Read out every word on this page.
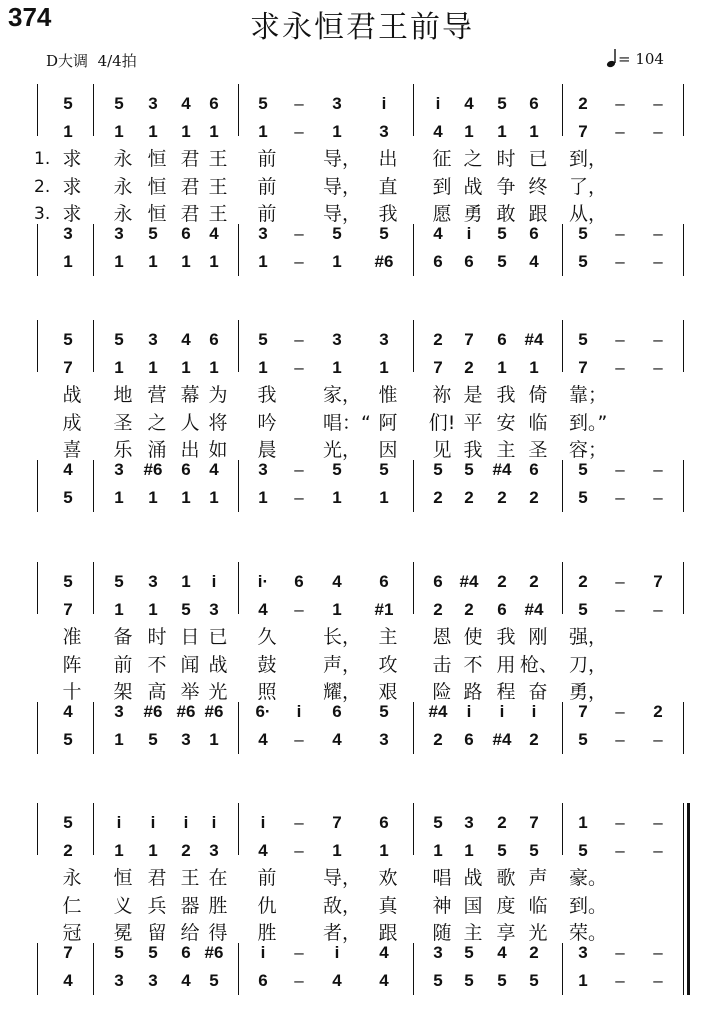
374	求永恒君王前导
D大调 4/4拍	= 104
5	5	3	4	6	5	–	3	i	i	4	5	6	2	–	–
1	1	1	1	1	1	–	1	3	4	1	1	1	7	–	–
3	3	5	6	4	3	–	5	5	4	i	5	6	5	–	–
1	1	1	1	1	1	–	1	#6	6	6	5	4	5	–	–
1. 求	永 恒 君 王	前	导， 出	征 之 时 已	到，
2. 求	永 恒 君 王	前	导， 直	到 战 争 终	了，
3. 求	永 恒 君 王	前	导， 我	愿 勇 敢 跟	从，
5	5	3	4	6	5	–	3	3	2	7	6	#4	5	–	–
7	1	1	1	1	1	–	1	1	7	2	1	1	7	–	–
4	3	#6	6	4	3	–	5	5	5	5	#4	6	5	–	–
5	1	1	1	1	1	–	1	1	2	2	2	2	5	–	–
战	地 营 幕 为	我	家， 惟	祢 是 我 倚	靠；
成	圣 之 人 将	吟	唱：“ 阿	们! 平 安 临	到。”
喜	乐 涌 出 如	晨	光， 因	见 我 主 圣	容；
5	5	3	1	i	i·	6	4	6	6 #4	2	2	2	–	7
7	1	1	5	3	4	–	1	#1	2	2	6	#4	5	–	–
4	3	#6 #6 #6	6·	i	6	5	#4	i	i	i	7	–	2
5	1	5	3	1	4	–	4	3	2	6	#4	2	5	–	–
准	备 时 日 已	久	长， 主	恩 使 我 刚	强，
阵	前 不 闻 战	鼓	声， 攻	击 不 用 枪、 刀，
十	架 高 举 光	照	耀， 艰	险 路 程 奋	勇，
5	i	i	i	i	i	–	7	6	5	3	2	7	1	–	–
2	1	1	2	3	4	–	1	1	1	1	5	5	5	–	–
7	5	5	6 #6	i	–	i	4	3	5	4	2	3	–	–
4	3	3	4	5	6	–	4	4	5	5	5	5	1	–	–
永	恒 君 王 在	前	导， 欢	唱 战 歌 声	豪。
仁	义 兵 器 胜	仇	敌， 真	神 国 度 临	到。
冠	冕 留 给 得	胜	者， 跟	随 主 享 光	荣。
